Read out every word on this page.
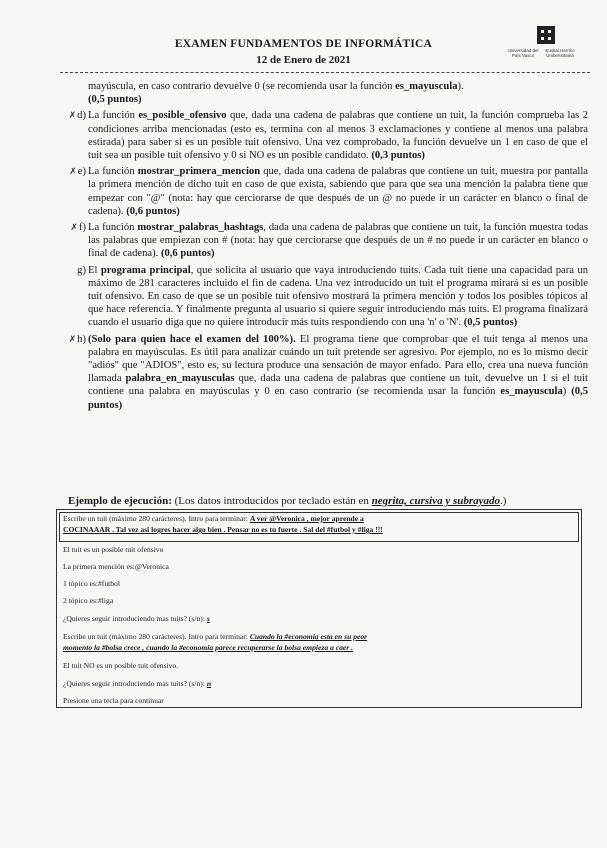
EXAMEN FUNDAMENTOS DE INFORMÁTICA
12 de Enero de 2021
Universidad del País Vasco
Euskal Herriko Unibertsitatea

mayúscula, en caso contrario devuelve 0 (se recomienda usar la función es_mayuscula).
(0,5 puntos)

✗d) La función es_posible_ofensivo que, dada una cadena de palabras que contiene un tuit, la función comprueba las 2 condiciones arriba mencionadas (esto es, termina con al menos 3 exclamaciones y contiene al menos una palabra estirada) para saber si es un posible tuit ofensivo. Una vez comprobado, la función devuelve un 1 en caso de que el tuit sea un posible tuit ofensivo y 0 si NO es un posible candidato. (0,3 puntos)

✗e) La función mostrar_primera_mencion que, dada una cadena de palabras que contiene un tuit, muestra por pantalla la primera mención de dicho tuit en caso de que exista, sabiendo que para que sea una mención la palabra tiene que empezar con "@" (nota: hay que cerciorarse de que después de un @ no puede ir un carácter en blanco o final de cadena). (0,6 puntos)

✗f) La función mostrar_palabras_hashtags, dada una cadena de palabras que contiene un tuit, la función muestra todas las palabras que empiezan con # (nota: hay que cerciorarse que después de un # no puede ir un carácter en blanco o final de cadena). (0,6 puntos)

g) El programa principal, que solicita al usuario que vaya introduciendo tuits. Cada tuit tiene una capacidad para un máximo de 281 caracteres incluido el fin de cadena. Una vez introducido un tuit el programa mirará si es un posible tuit ofensivo. En caso de que se un posible tuit ofensivo mostrará la primera mención y todos los posibles tópicos al que hace referencia. Y finalmente pregunta al usuario si quiere seguir introduciendo más tuits. El programa finalizará cuando el usuario diga que no quiere introducir más tuits respondiendo con una 'n' o 'N'. (0,5 puntos)

✗h) (Solo para quien hace el examen del 100%). El programa tiene que comprobar que el tuit tenga al menos una palabra en mayúsculas. Es útil para analizar cuándo un tuit pretende ser agresivo. Por ejemplo, no es lo mismo decir "adiós" que "ADIOS", esto es, su lectura produce una sensación de mayor enfado. Para ello, crea una nueva función llamada palabra_en_mayusculas que, dada una cadena de palabras que contiene un tuit, devuelve un 1 si el tuit contiene una palabra en mayúsculas y 0 en caso contrario (se recomienda usar la función es_mayuscula) (0,5 puntos)

Ejemplo de ejecución: (Los datos introducidos por teclado están en negrita, cursiva y subrayado.)
Escribe un tuit (máximo 280 carácteres). Intro para terminar: A ver @Veronica , mejor aprende a
COCINAAAR . Tal vez asi logres hacer algo bien . Pensar no es tu fuerte . Sal del #futbol y #liga !!!
El tuit es un posible tuit ofensivo
La primera mención es:@Veronica
1 tópico es:#futbol
2 tópico es:#liga
¿Quieres seguir introduciendo mas tuits? (s/n): s
Escribe un tuit (máximo 280 carácteres). Intro para terminar: Cuando la #economia esta en su peor
momento la #bolsa crece , cuando la #economia parece recuperarse la bolsa empieza a caer .
El tuit NO es un posible tuit ofensivo.
¿Quieres seguir introduciendo mas tuits? (s/n): n
Presione una tecla para continuar
